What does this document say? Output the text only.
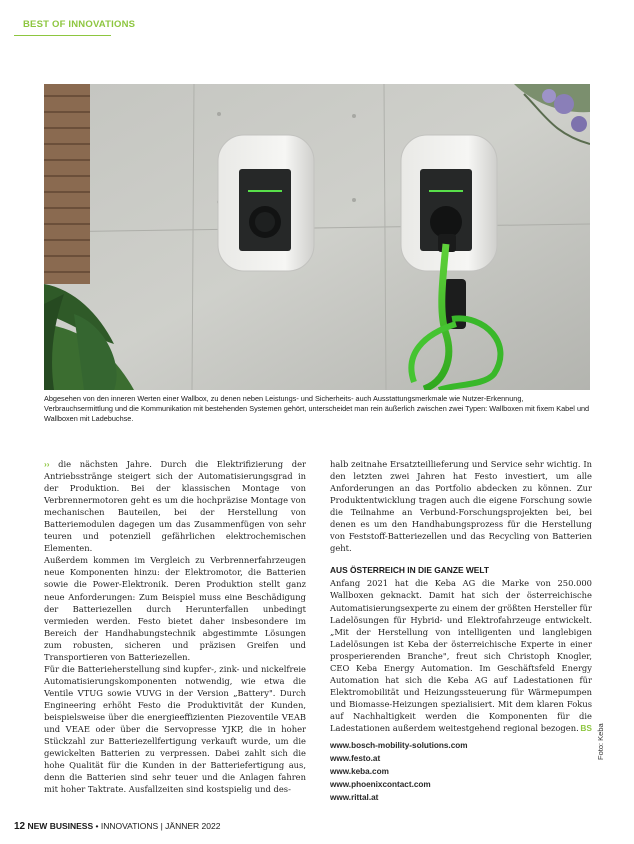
BEST OF INNOVATIONS
Abgesehen von den inneren Werten einer Wallbox, zu denen neben Leistungs- und Sicherheits- auch Ausstattungsmerkmale wie Nutzer-Erkennung, Verbrauchsermittlung und die Kommunikation mit bestehenden Systemen gehört, unterscheidet man rein äußerlich zwischen zwei Typen: Wallboxen mit fixem Kabel und Wallboxen mit Ladebuchse.

›› die nächsten Jahre. Durch die Elektrifizierung der Antriebsstränge steigert sich der Automatisierungsgrad in der Produktion. Bei der klassischen Montage von Verbrennermotoren geht es um die hochpräzise Montage von mechanischen Bauteilen, bei der Herstellung von Batteriemodulen dagegen um das Zusammenfügen von sehr teuren und potenziell gefährlichen elektrochemischen Elementen.

Außerdem kommen im Vergleich zu Verbrennerfahrzeugen neue Komponenten hinzu: der Elektromotor, die Batterien sowie die Power-Elektronik. Deren Produktion stellt ganz neue Anforderungen: Zum Beispiel muss eine Beschädigung der Batteriezellen durch Herunterfallen unbedingt vermieden werden. Festo bietet daher insbesondere im Bereich der Handhabungstechnik abgestimmte Lösungen zum robusten, sicheren und präzisen Greifen und Transportieren von Batteriezellen.

Für die Batterieherstellung sind kupfer-, zink- und nickelfreie Automatisierungskomponenten notwendig, wie etwa die Ventile VTUG sowie VUVG in der Version „Battery". Durch Engineering erhöht Festo die Produktivität der Kunden, beispielsweise über die energieeffizienten Piezoventile VEAB und VEAE oder über die Servopresse YJKP, die in hoher Stückzahl zur Batteriezellfertigung verkauft wurde, um die gewickelten Batterien zu verpressen. Dabei zahlt sich die hohe Qualität für die Kunden in der Batteriefertigung aus, denn die Batterien sind sehr teuer und die Anlagen fahren mit hoher Taktrate. Ausfallzeiten sind kostspielig und des-

halb zeitnahe Ersatzteillieferung und Service sehr wichtig. In den letzten zwei Jahren hat Festo investiert, um alle Anforderungen an das Portfolio abdecken zu können. Zur Produktentwicklung tragen auch die eigene Forschung sowie die Teilnahme an Verbund-Forschungsprojekten bei, bei denen es um den Handhabungsprozess für die Herstellung von Feststoff-Batteriezellen und das Recycling von Batterien geht.

AUS ÖSTERREICH IN DIE GANZE WELT

Anfang 2021 hat die Keba AG die Marke von 250.000 Wallboxen geknackt. Damit hat sich der österreichische Automatisierungsexperte zu einem der größten Hersteller für Ladelösungen für Hybrid- und Elektrofahrzeuge entwickelt. „Mit der Herstellung von intelligenten und langlebigen Ladelösungen ist Keba der österreichische Experte in einer prosperierenden Branche", freut sich Christoph Knogler, CEO Keba Energy Automation. Im Geschäftsfeld Energy Automation hat sich die Keba AG auf Ladestationen für Elektromobilität und Heizungssteuerung für Wärmepumpen und Biomasse-Heizungen spezialisiert. Mit dem klaren Fokus auf Nachhaltigkeit werden die Komponenten für die Ladestationen außerdem weitestgehend regional bezogen. BS

www.bosch-mobility-solutions.com
www.festo.at
www.keba.com
www.phoenixcontact.com
www.rittal.at

Foto: Keba
12 NEW BUSINESS • INNOVATIONS | JÄNNER 2022
